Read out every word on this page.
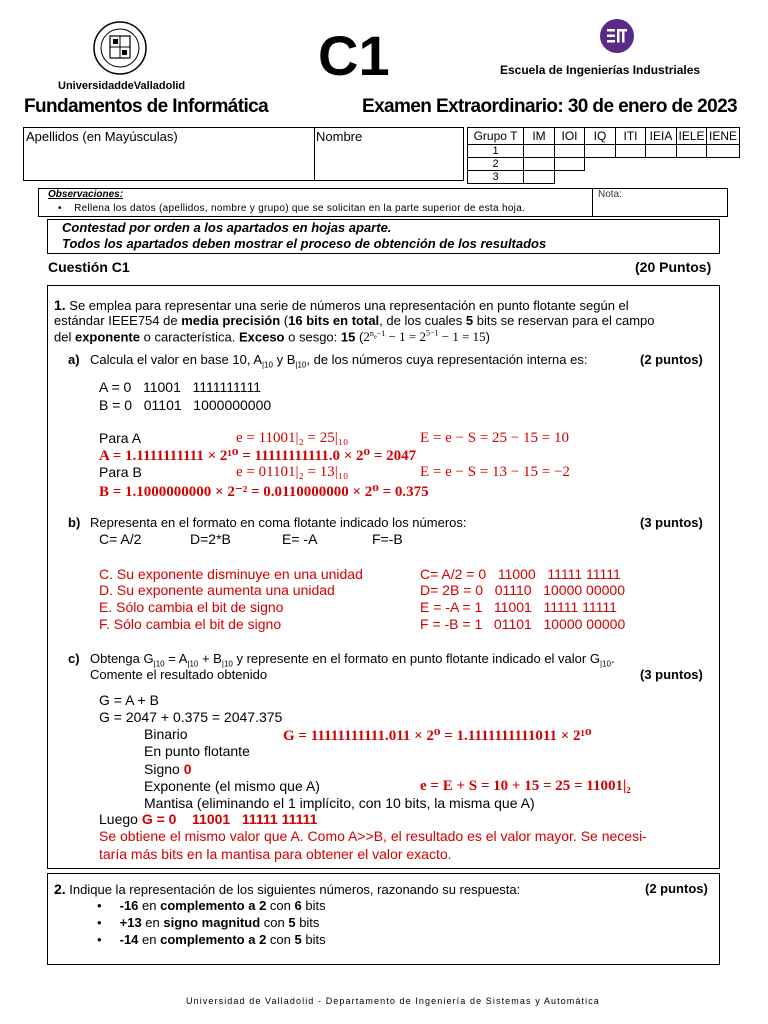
UniversidaddeValladolid C1	Escuela de Ingenierías Industriales
Fundamentos de Informática	Examen Extraordinario: 30 de enero de 2023
Apellidos (en Mayúsculas)	Nombre	Grupo T	IM	IOI	IQ	ITI	IEIA	IELE	IENE
1							
2							
3							
Observaciones:
•    Rellena los datos (apellidos, nombre y grupo) que se solicitan en la parte superior de esta hoja.
Nota:
Contestad por orden a los apartados en hojas aparte.
Todos los apartados deben mostrar el proceso de obtención de los resultados
Cuestión C1	(20 Puntos)
1. Se emplea para representar una serie de números una representación en punto flotante según el
estándar IEEE754 de media precisión (16 bits en total, de los cuales 5 bits se reservan para el campo
del exponente o característica. Exceso o sesgo: 15 $(2^{n_e-1} - 1 = 2^{5-1} - 1 = 15)$
a) Calcula el valor en base 10, $A_{|10}$ y $B_{|10}$, de los números cuya representación interna es:	(2 puntos)
A = 0   11001   1111111111
B = 0   01101   1000000000
Para A	e = 11001|₂ = 25|₁₀	E = e − S = 25 − 15 = 10
A = 1.1111111111 × 2¹⁰ = 11111111111.0 × 2⁰ = 2047
Para B	e = 01101|₂ = 13|₁₀	E = e − S = 13 − 15 = −2
B = 1.1000000000 × 2⁻² = 0.0110000000 × 2⁰ = 0.375
b) Representa en el formato en coma flotante indicado los números:	(3 puntos)
C= A/2	D=2*B	E= -A	F=-B
C. Su exponente disminuye en una unidad
D. Su exponente aumenta una unidad
E. Sólo cambia el bit de signo
F. Sólo cambia el bit de signo
C= A/2 = 0   11000   11111 11111
D= 2B = 0   01110   10000 00000
E = -A = 1   11001   11111 11111
F = -B = 1   01101   10000 00000
c) Obtenga $G_{|10} = A_{|10} + B_{|10}$ y represente en el formato en punto flotante indicado el valor $G_{|10}$.
Comente el resultado obtenido	(3 puntos)
G = A + B
G = 2047 + 0.375 = 2047.375
Binario	G = 11111111111.011 × 2⁰ = 1.1111111111011 × 2¹⁰
En punto flotante
Signo 0
Exponente (el mismo que A)	e = E + S = 10 + 15 = 25 = 11001|₂
Mantisa (eliminando el 1 implícito, con 10 bits, la misma que A)
Luego G = 0    11001   11111 11111
Se obtiene el mismo valor que A. Como A>>B, el resultado es el valor mayor. Se necesi-
taría más bits en la mantisa para obtener el valor exacto.
2. Indique la representación de los siguientes números, razonando su respuesta:	(2 puntos)
•     -16 en complemento a 2 con 6 bits
•     +13 en signo magnitud con 5 bits
•     -14 en complemento a 2 con 5 bits
Universidad de Valladolid - Departamento de Ingeniería de Sistemas y Automática
